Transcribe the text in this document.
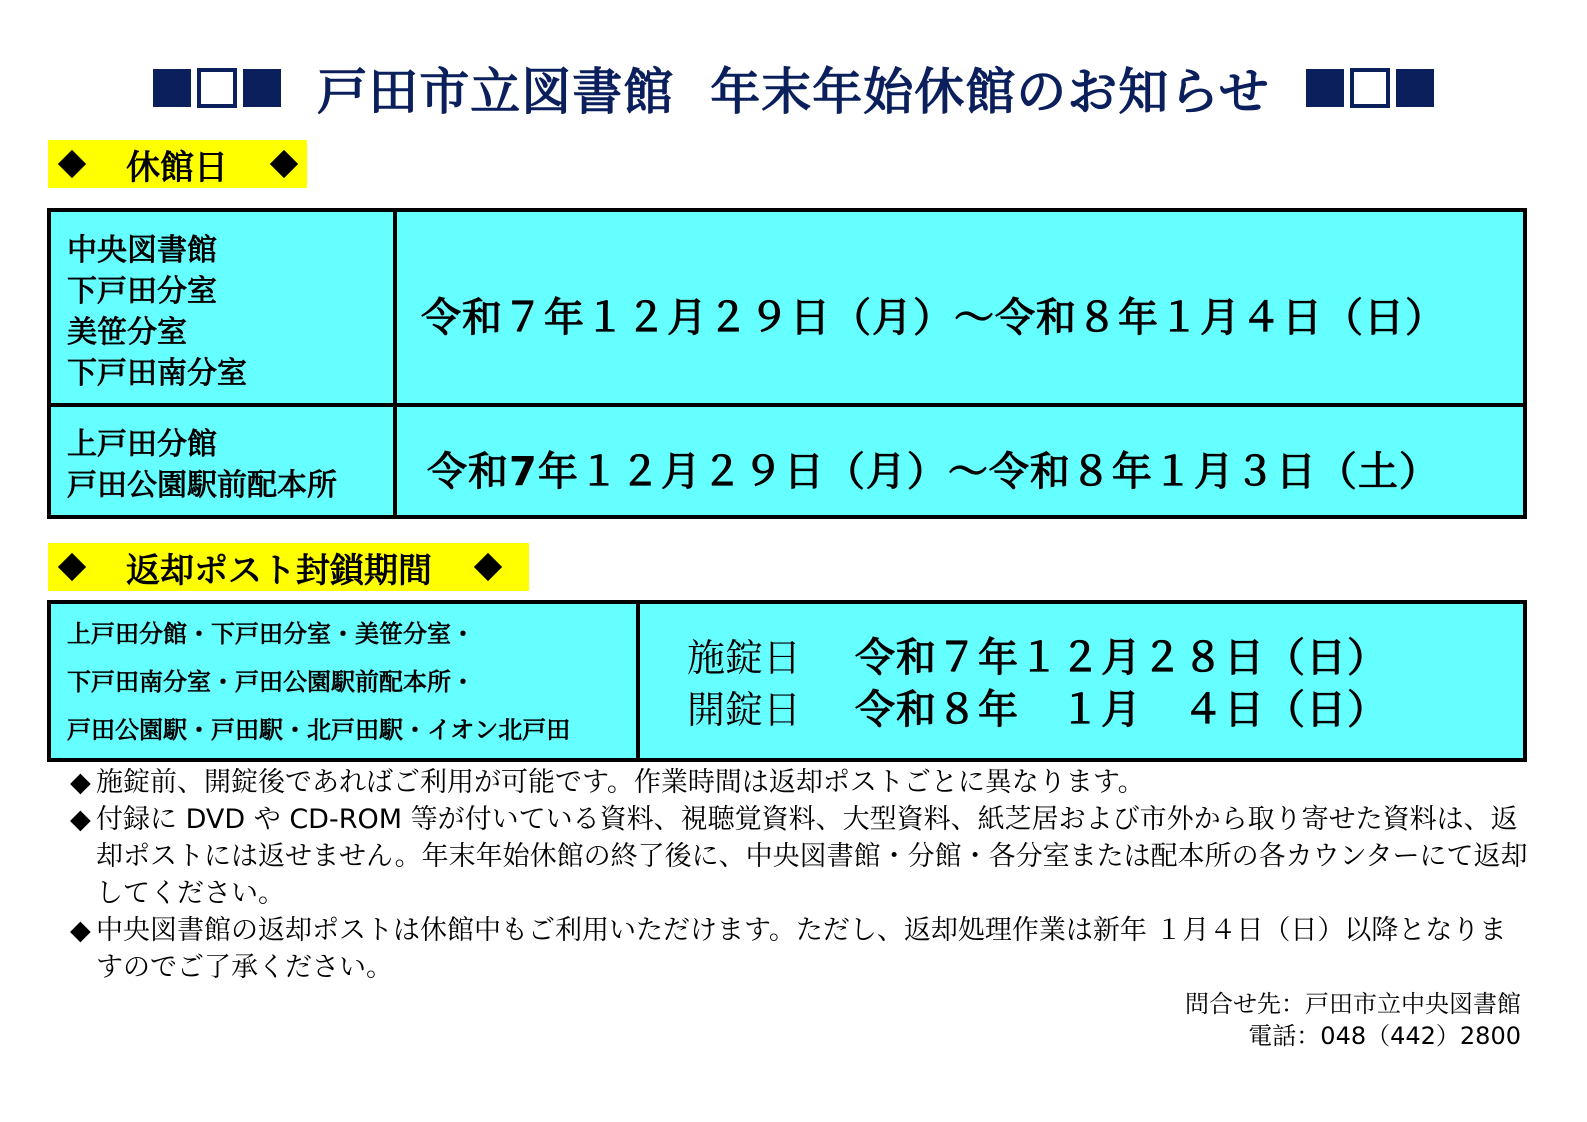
戸田市立図書館 年末年始休館のお知らせ
休館日
中央図書館
下戸田分室
美笹分室
下戸田南分室
令和７年１２月２９日（月）～令和８年１月４日（日）
上戸田分館
戸田公園駅前配本所 令和7年１２月２９日（月）～令和８年１月３日（土）
返却ポスト封鎖期間
上戸田分館・下戸田分室・美笹分室・
下戸田南分室・戸田公園駅前配本所・
戸田公園駅・戸田駅・北戸田駅・イオン北戸田
施錠日	令和７年１２月２８日（日）
開錠日	令和８年　１月　４日（日）
◆ 施錠前、開錠後であればご利用が可能です。作業時間は返却ポストごとに異なります。
◆ 付録に DVD や CD-ROM 等が付いている資料、視聴覚資料、大型資料、紙芝居および市外から取り寄せた資料は、返却ポストには返せません。年末年始休館の終了後に、中央図書館・分館・各分室または配本所の各カウンターにて返却してください。
◆ 中央図書館の返却ポストは休館中もご利用いただけます。ただし、返却処理作業は新年 １月４日（日）以降となりますのでご了承ください。
問合せ先：戸田市立中央図書館
電話：048（442）2800
